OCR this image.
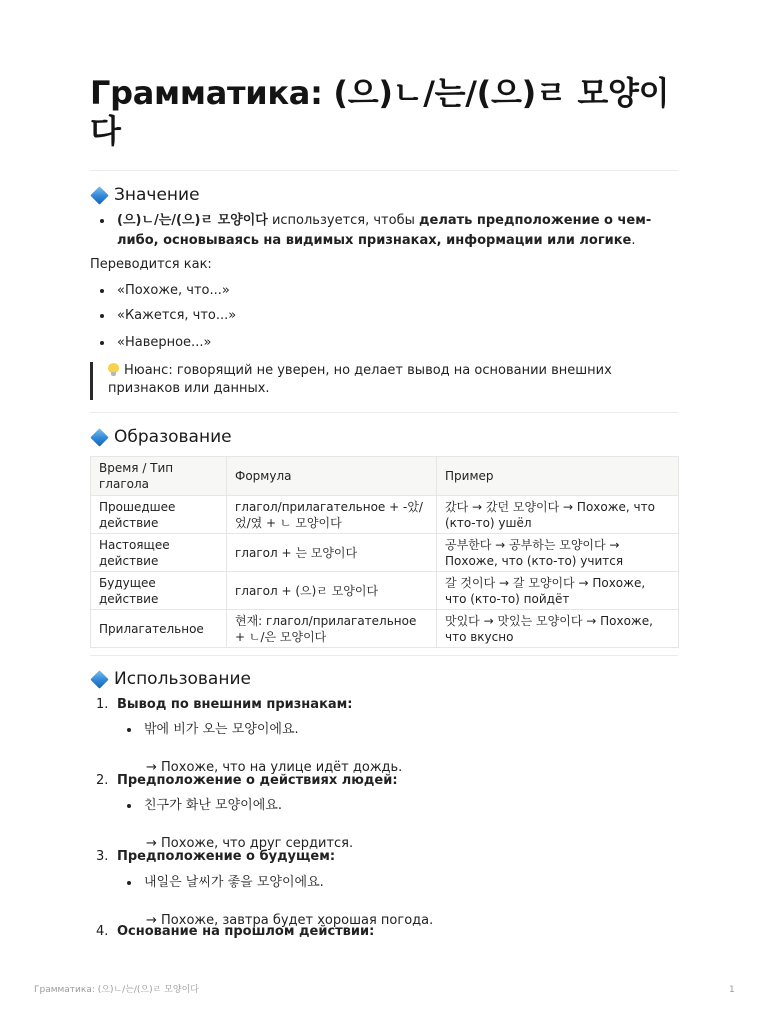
Грамматика: (으)ㄴ/는/(으)ㄹ 모양이다
Значение

(으)ㄴ/는/(으)ㄹ 모양이다 используется, чтобы делать предположение о чем-либо, основываясь на видимых признаках, информации или логике.

Переводится как:

«Похоже, что...»

«Кажется, что...»

«Наверное...»

Нюанс: говорящий не уверен, но делает вывод на основании внешних признаков или данных.
Образование
Время / Тип глагола	Формула	Пример
Прошедшее действие	глагол/прилагательное + -았/었/였 + ㄴ 모양이다	갔다 → 갔던 모양이다 → Похоже, что (кто-то) ушёл
Настоящее действие	глагол + 는 모양이다	공부한다 → 공부하는 모양이다 → Похоже, что (кто-то) учится
Будущее действие	глагол + (으)ㄹ 모양이다	갈 것이다 → 갈 모양이다 → Похоже, что (кто-то) пойдёт
Прилагательное	현재: глагол/прилагательное + ㄴ/은 모양이다	맛있다 → 맛있는 모양이다 → Похоже, что вкусно
Использование
1. Вывод по внешним признакам:

밖에 비가 오는 모양이에요.

→ Похоже, что на улице идёт дождь.

2. Предположение о действиях людей:

친구가 화난 모양이에요.

→ Похоже, что друг сердится.

3. Предположение о будущем:

내일은 날씨가 좋을 모양이에요.

→ Похоже, завтра будет хорошая погода.

4. Основание на прошлом действии:

Грамматика: (으)ㄴ/는/(으)ㄹ 모양이다	1
